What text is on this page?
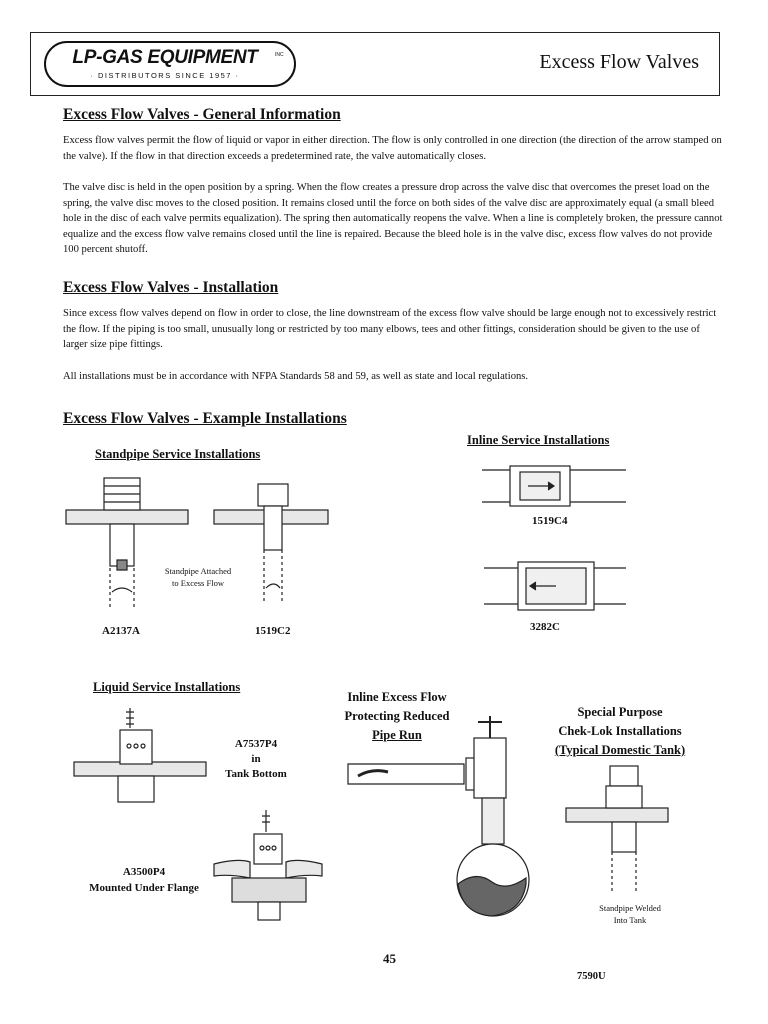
LP-GAS EQUIPMENT
· DISTRIBUTORS SINCE 1957 ·
INC	Excess Flow Valves
Excess Flow Valves - General Information
Excess flow valves permit the flow of liquid or vapor in either direction. The flow is only controlled in one direction (the direction of the arrow stamped on the valve). If the flow in that direction exceeds a predetermined rate, the valve automatically closes.
The valve disc is held in the open position by a spring. When the flow creates a pressure drop across the valve disc that overcomes the preset load on the spring, the valve disc moves to the closed position. It remains closed until the force on both sides of the valve disc are approximately equal (a small bleed hole in the disc of each valve permits equalization). The spring then automatically reopens the valve. When a line is completely broken, the pressure cannot equalize and the excess flow valve remains closed until the line is repaired. Because the bleed hole is in the valve disc, excess flow valves do not provide 100 percent shutoff.
Excess Flow Valves - Installation
Since excess flow valves depend on flow in order to close, the line downstream of the excess flow valve should be large enough not to excessively restrict the flow. If the piping is too small, unusually long or restricted by too many elbows, tees and other fittings, consideration should be given to the use of larger size pipe fittings.
All installations must be in accordance with NFPA Standards 58 and 59, as well as state and local regulations.
Excess Flow Valves - Example Installations
Standpipe Service Installations
Standpipe Attached
to Excess Flow
A2137A	1519C2
Inline Service Installations
1519C4
3282C
Liquid Service Installations
A7537P4
in
Tank Bottom
A3500P4
Mounted Under Flange
Inline Excess Flow
Protecting Reduced
Pipe Run
Special Purpose
Chek-Lok Installations
(Typical Domestic Tank)
Standpipe Welded
Into Tank
45
7590U
